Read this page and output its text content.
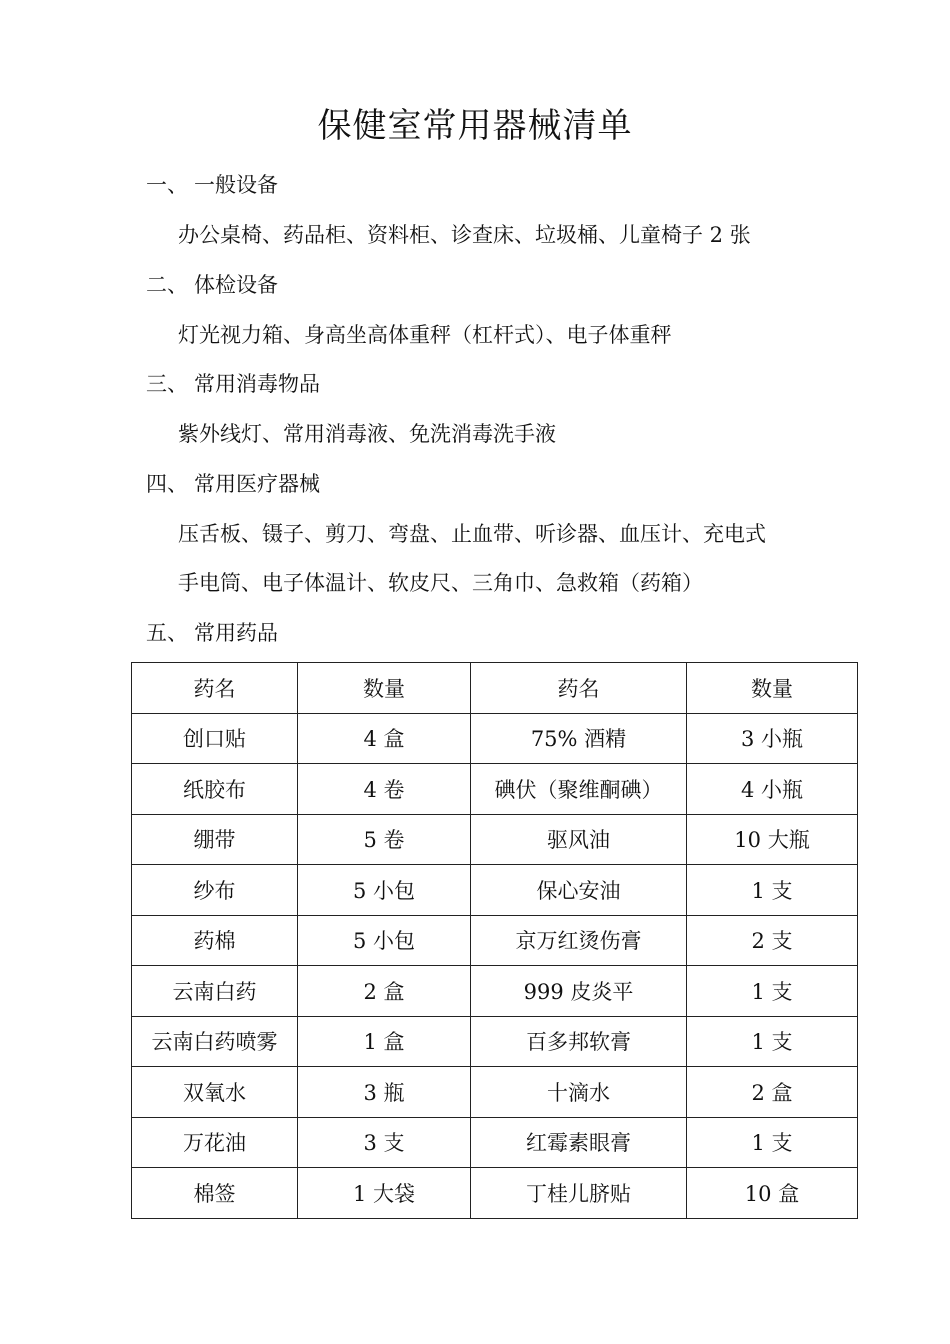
保健室常用器械清单
一、 一般设备
办公桌椅、药品柜、资料柜、诊查床、垃圾桶、儿童椅子 2 张
二、 体检设备
灯光视力箱、身高坐高体重秤（杠杆式）、电子体重秤
三、 常用消毒物品
紫外线灯、常用消毒液、免洗消毒洗手液
四、 常用医疗器械
压舌板、镊子、剪刀、弯盘、止血带、听诊器、血压计、充电式
手电筒、电子体温计、软皮尺、三角巾、急救箱（药箱）
五、 常用药品
药名	数量	药名	数量
创口贴	4 盒	75% 酒精	3 小瓶
纸胶布	4 卷	碘伏（聚维酮碘）	4 小瓶
绷带	5 卷	驱风油	10 大瓶
纱布	5 小包	保心安油	1 支
药棉	5 小包	京万红烫伤膏	2 支
云南白药	2 盒	999 皮炎平	1 支
云南白药喷雾	1 盒	百多邦软膏	1 支
双氧水	3 瓶	十滴水	2 盒
万花油	3 支	红霉素眼膏	1 支
棉签	1 大袋	丁桂儿脐贴	10 盒
